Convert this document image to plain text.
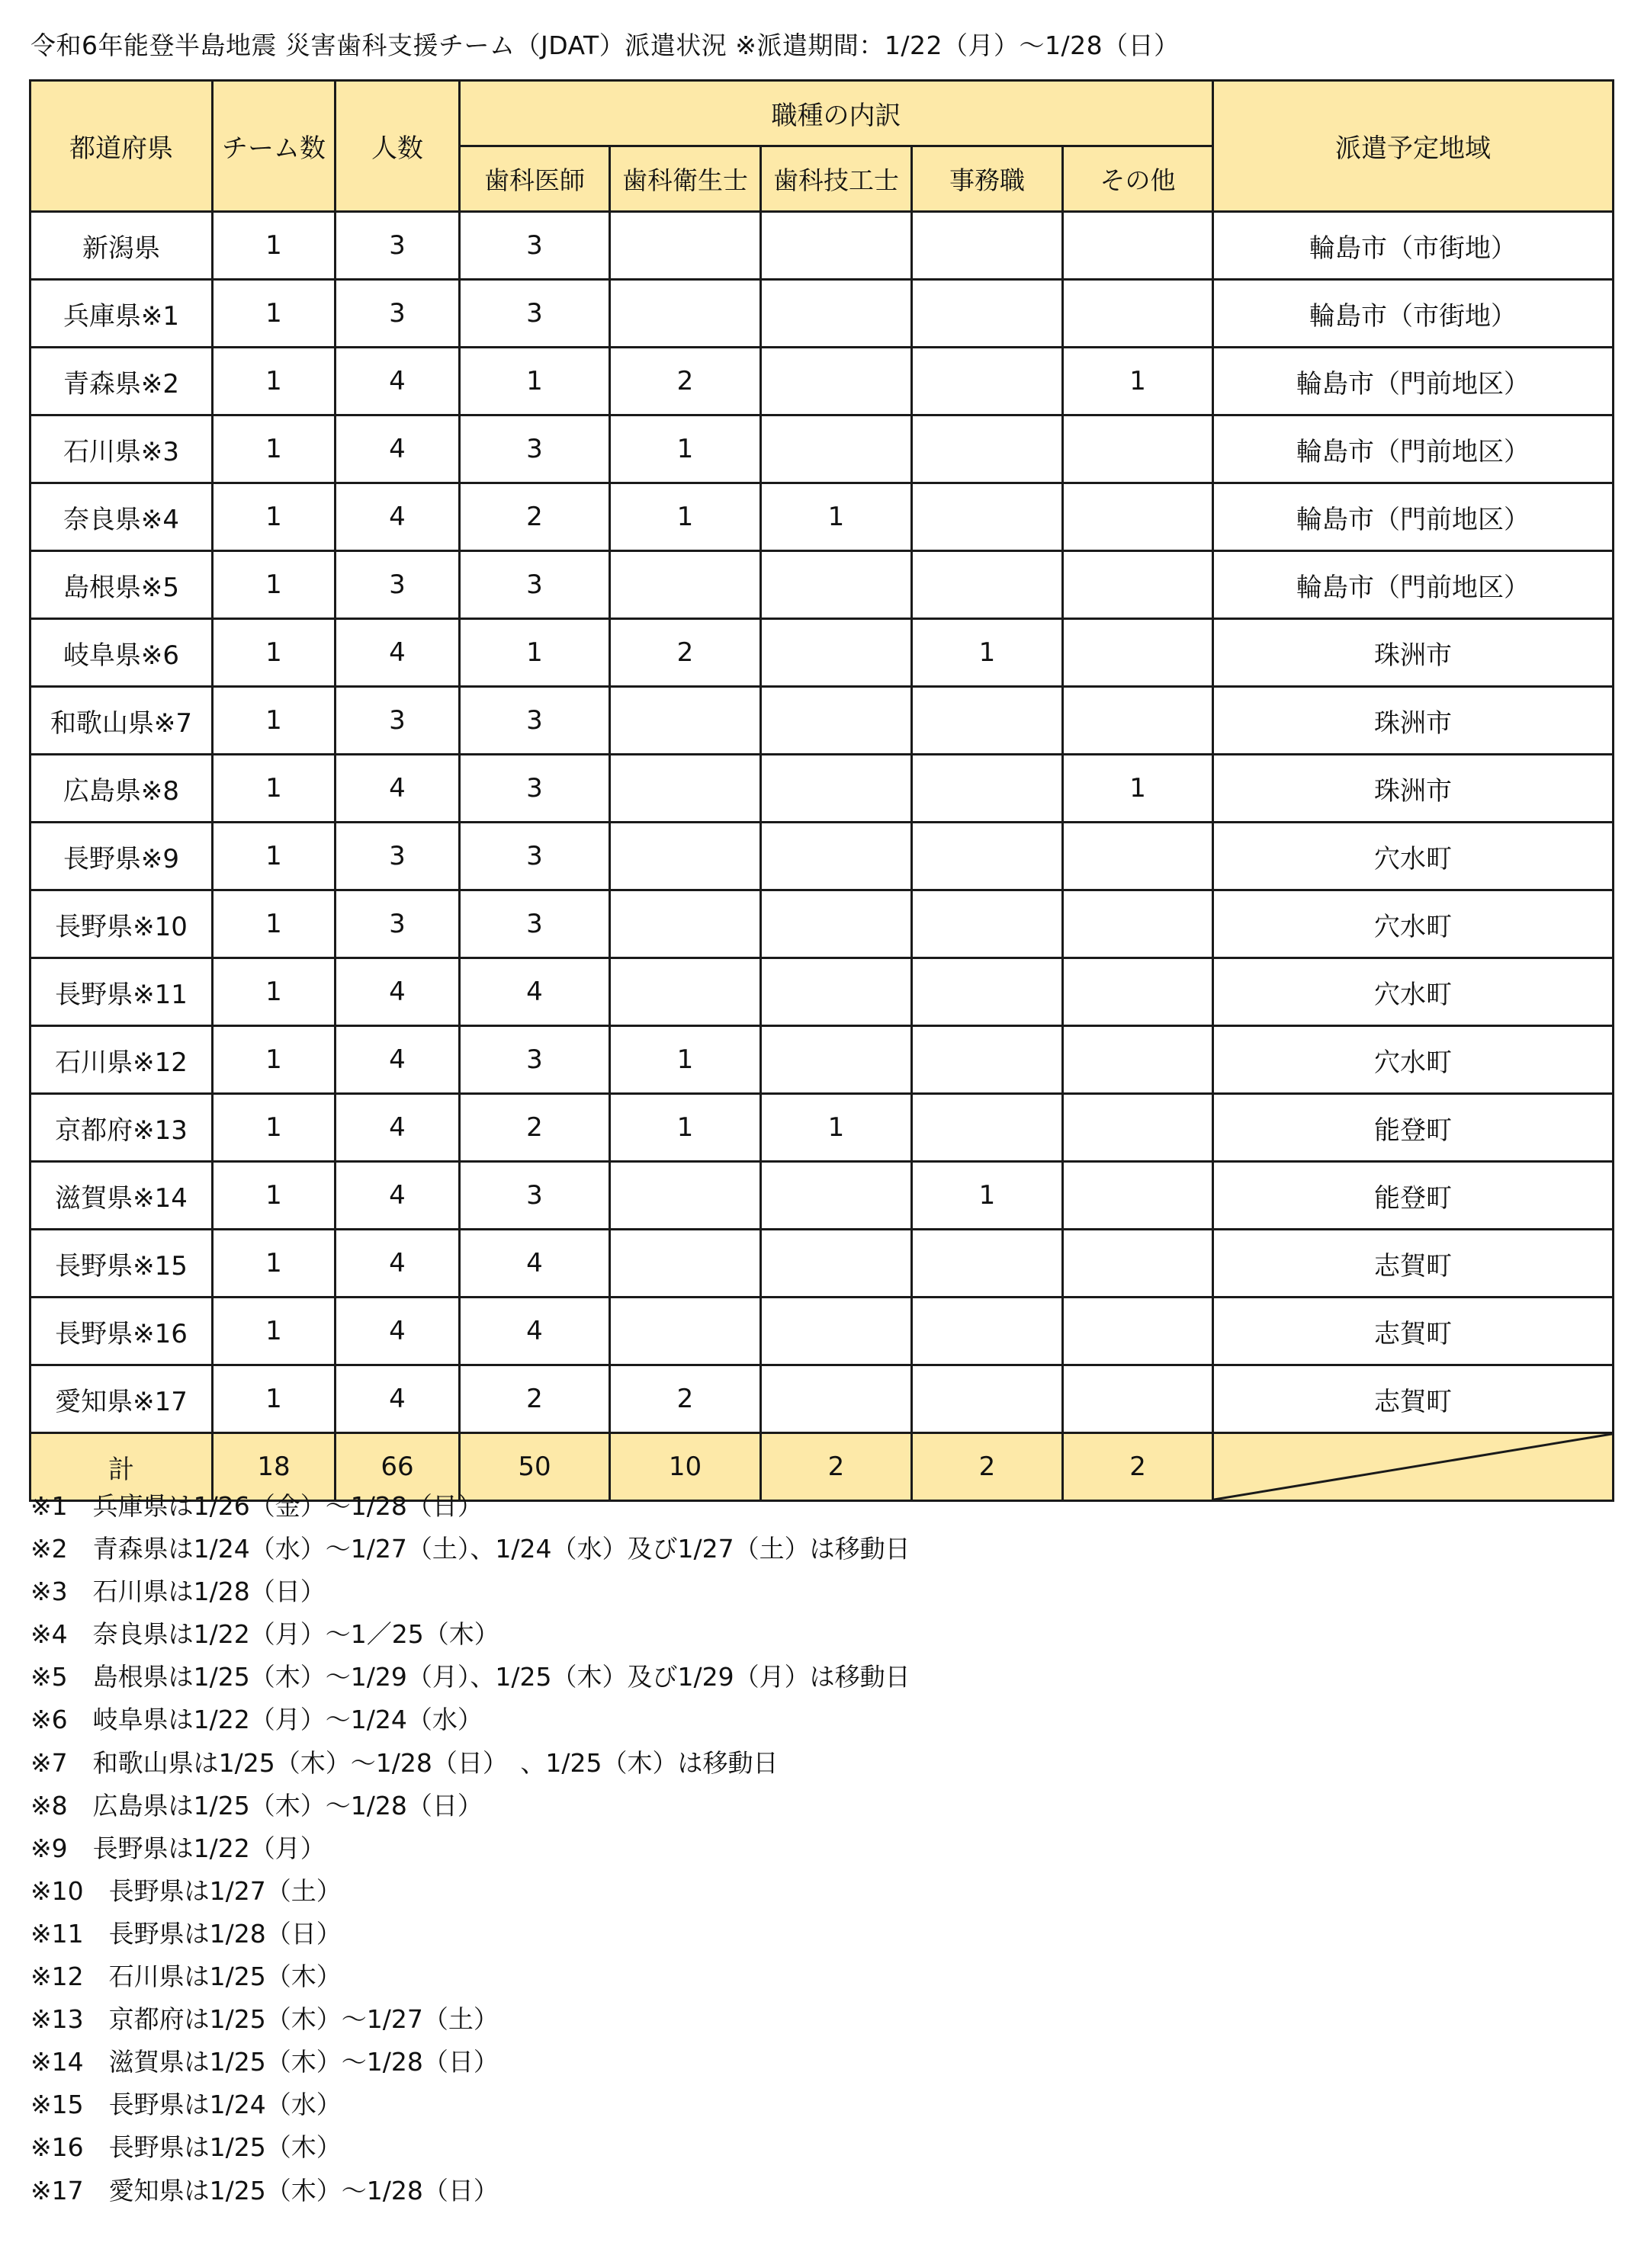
令和6年能登半島地震 災害歯科支援チーム（JDAT）派遣状況 ※派遣期間：1/22（月）～1/28（日）
都道府県	チーム数	人数	職種の内訳					派遣予定地域
			歯科医師	歯科衛生士	歯科技工士	事務職	その他	
新潟県	1	3	3					輪島市（市街地）
兵庫県※1	1	3	3					輪島市（市街地）
青森県※2	1	4	1	2			1	輪島市（門前地区）
石川県※3	1	4	3	1				輪島市（門前地区）
奈良県※4	1	4	2	1	1			輪島市（門前地区）
島根県※5	1	3	3					輪島市（門前地区）
岐阜県※6	1	4	1	2		1		珠洲市
和歌山県※7	1	3	3					珠洲市
広島県※8	1	4	3				1	珠洲市
長野県※9	1	3	3					穴水町
長野県※10	1	3	3					穴水町
長野県※11	1	4	4					穴水町
石川県※12	1	4	3	1				穴水町
京都府※13	1	4	2	1	1			能登町
滋賀県※14	1	4	3			1		能登町
長野県※15	1	4	4					志賀町
長野県※16	1	4	4					志賀町
愛知県※17	1	4	2	2				志賀町
計	18	66	50	10	2	2	2	
※1　兵庫県は1/26（金）～1/28（日）
※2　青森県は1/24（水）～1/27（土）、1/24（水）及び1/27（土）は移動日
※3　石川県は1/28（日）
※4　奈良県は1/22（月）～1／25（木）
※5　島根県は1/25（木）～1/29（月）、1/25（木）及び1/29（月）は移動日
※6　岐阜県は1/22（月）～1/24（水）
※7　和歌山県は1/25（木）～1/28（日）　、1/25（木）は移動日
※8　広島県は1/25（木）～1/28（日）
※9　長野県は1/22（月）
※10　長野県は1/27（土）
※11　長野県は1/28（日）
※12　石川県は1/25（木）
※13　京都府は1/25（木）～1/27（土）
※14　滋賀県は1/25（木）～1/28（日）
※15　長野県は1/24（水）
※16　長野県は1/25（木）
※17　愛知県は1/25（木）～1/28（日）
